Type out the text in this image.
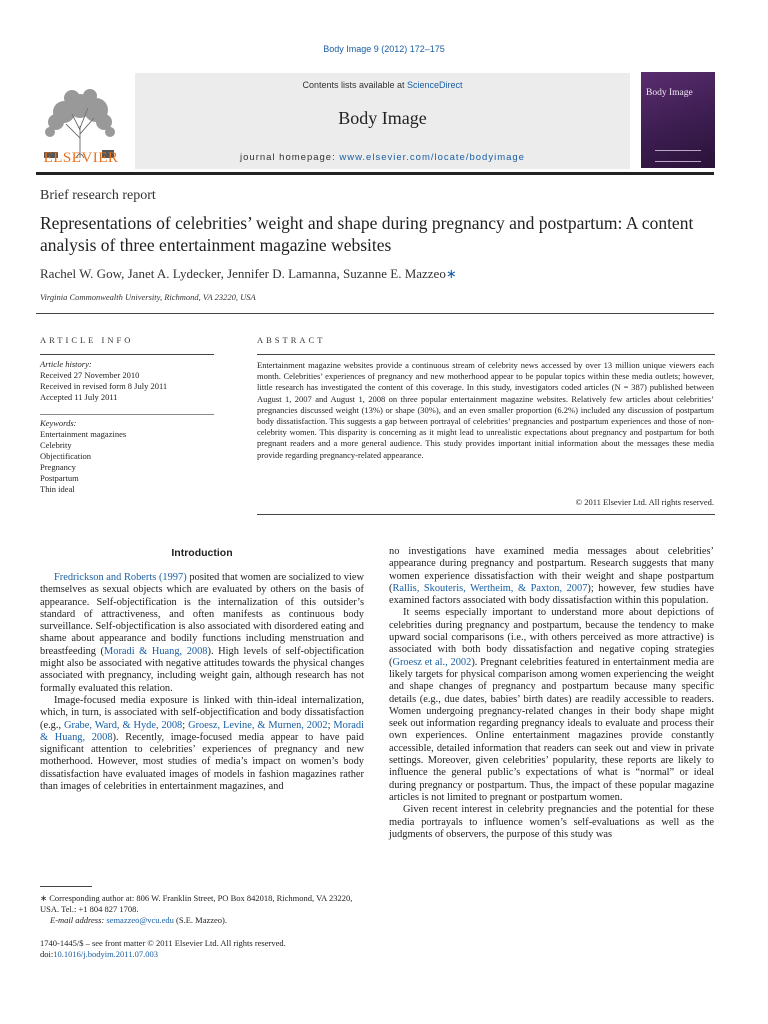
Body Image 9 (2012) 172–175
Contents lists available at ScienceDirect
Body Image
journal homepage: www.elsevier.com/locate/bodyimage
ELSEVIER
Body Image
Brief research report
Representations of celebrities’ weight and shape during pregnancy and postpartum: A content analysis of three entertainment magazine websites
Rachel W. Gow, Janet A. Lydecker, Jennifer D. Lamanna, Suzanne E. Mazzeo∗
Virginia Commonwealth University, Richmond, VA 23220, USA
ARTICLE INFO	ABSTRACT
Article history:
Received 27 November 2010
Received in revised form 8 July 2011
Accepted 11 July 2011
Keywords:
Entertainment magazines
Celebrity
Objectification
Pregnancy
Postpartum
Thin ideal
Entertainment magazine websites provide a continuous stream of celebrity news accessed by over 13 million unique viewers each month. Celebrities’ experiences of pregnancy and new motherhood appear to be popular topics within these media outlets; however, little research has investigated the content of this coverage. In this study, investigators coded articles (N = 387) published between August 1, 2007 and August 1, 2008 on three popular entertainment magazine websites. Relatively few articles about celebrities’ pregnancies discussed weight (13%) or shape (30%), and an even smaller proportion (6.2%) included any discussion of postpartum body dissatisfaction. This suggests a gap between portrayal of celebrities’ pregnancies and postpartum experiences and those of non-celebrity women. This disparity is concerning as it might lead to unrealistic expectations about pregnancy and postpartum for both pregnant readers and a more general audience. This study provides important initial information about the messages these media provide regarding pregnancy-related appearance.
© 2011 Elsevier Ltd. All rights reserved.
Introduction

Fredrickson and Roberts (1997) posited that women are socialized to view themselves as sexual objects which are evaluated by others on the basis of appearance. Self-objectification is the internalization of this outsider’s standard of attractiveness, and often manifests as continuous body surveillance. Self-objectification is also associated with disordered eating and shame about appearance and bodily functions including menstruation and breastfeeding (Moradi & Huang, 2008). High levels of self-objectification might also be associated with negative attitudes towards the physical changes associated with pregnancy, including weight gain, although research has not formally evaluated this relation.

Image-focused media exposure is linked with thin-ideal internalization, which, in turn, is associated with self-objectification and body dissatisfaction (e.g., Grabe, Ward, & Hyde, 2008; Groesz, Levine, & Murnen, 2002; Moradi & Huang, 2008). Recently, image-focused media appear to have paid significant attention to celebrities’ experiences of pregnancy and new motherhood. However, most studies of media’s impact on women’s body dissatisfaction have evaluated images of models in fashion magazines rather than images of celebrities in entertainment magazines, and

no investigations have examined media messages about celebrities’ appearance during pregnancy and postpartum. Research suggests that many women experience dissatisfaction with their weight and shape postpartum (Rallis, Skouteris, Wertheim, & Paxton, 2007); however, few studies have examined factors associated with body dissatisfaction within this population.

It seems especially important to understand more about depictions of celebrities during pregnancy and postpartum, because the tendency to make upward social comparisons (i.e., with others perceived as more attractive) is associated with both body dissatisfaction and negative coping strategies (Groesz et al., 2002). Pregnant celebrities featured in entertainment media are likely targets for physical comparison among women experiencing the weight and shape changes of pregnancy and postpartum because many specific details (e.g., due dates, babies’ birth dates) are readily accessible to readers. Women undergoing pregnancy-related changes in their body shape might seek out information regarding pregnancy ideals to evaluate and process their own experiences. Online entertainment magazines provide constantly accessible, detailed information that readers can seek out and view in private settings. Moreover, given celebrities’ popularity, these reports are likely to influence the general public’s expectations of what is “normal” or ideal during pregnancy or postpartum. Thus, the impact of these popular magazine articles is not limited to pregnant or postpartum women.

Given recent interest in celebrity pregnancies and the potential for these media portrayals to influence women’s self-evaluations as well as the judgments of observers, the purpose of this study was

∗ Corresponding author at: 806 W. Franklin Street, PO Box 842018, Richmond, VA 23220, USA. Tel.: +1 804 827 1708.
E-mail address: semazzeo@vcu.edu (S.E. Mazzeo).
1740-1445/$ – see front matter © 2011 Elsevier Ltd. All rights reserved.
doi:10.1016/j.bodyim.2011.07.003
